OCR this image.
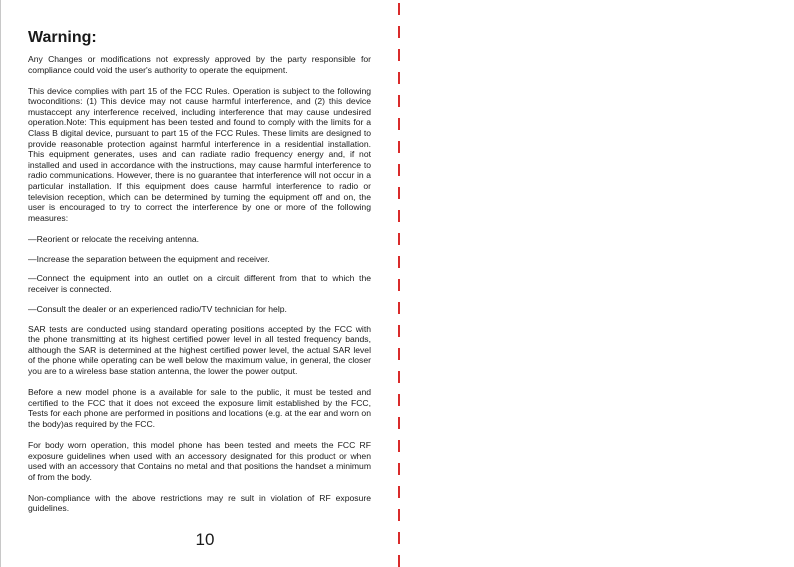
Warning:
Any Changes or modifications not expressly approved by the party responsible for compliance could void the user's authority to operate the equipment.
This device complies with part 15 of the FCC Rules. Operation is subject to the following twoconditions: (1) This device may not cause harmful interference, and (2) this device mustaccept any interference received, including interference that may cause undesired operation.Note: This equipment has been tested and found to comply with the limits for a Class B digital device, pursuant to part 15 of the FCC Rules. These limits are designed to provide reasonable protection against harmful interference in a residential installation. This equipment generates, uses and can radiate radio frequency energy and, if not installed and used in accordance with the instructions, may cause harmful interference to radio communications. However, there is no guarantee that interference will not occur in a particular installation. If this equipment does cause harmful interference to radio or television reception, which can be determined by turning the equipment off and on, the user is encouraged to try to correct the interference by one or more of the following measures:
—Reorient or relocate the receiving antenna.
—Increase the separation between the equipment and receiver.
—Connect the equipment into an outlet on a circuit different from that to which the receiver is connected.
—Consult the dealer or an experienced radio/TV technician for help.
SAR tests are conducted using standard operating positions accepted by the FCC with the phone transmitting at its highest certified power level in all tested frequency bands, although the SAR is determined at the highest certified power level, the actual SAR level of the phone while operating can be well below the maximum value, in general, the closer you are to a wireless base station antenna, the lower the power output.
Before a new model phone is a available for sale to the public, it must be tested and certified to the FCC that it does not exceed the exposure limit established by the FCC, Tests for each phone are performed in positions and locations (e.g. at the ear and worn on the body)as required by the FCC.
For body worn operation, this model phone has been tested and meets the FCC RF exposure guidelines when used with an accessory designated for this product or when used with an accessory that Contains no metal and that positions the handset a minimum of from the body.
Non-compliance with the above restrictions may re sult in violation of RF exposure guidelines.
10
